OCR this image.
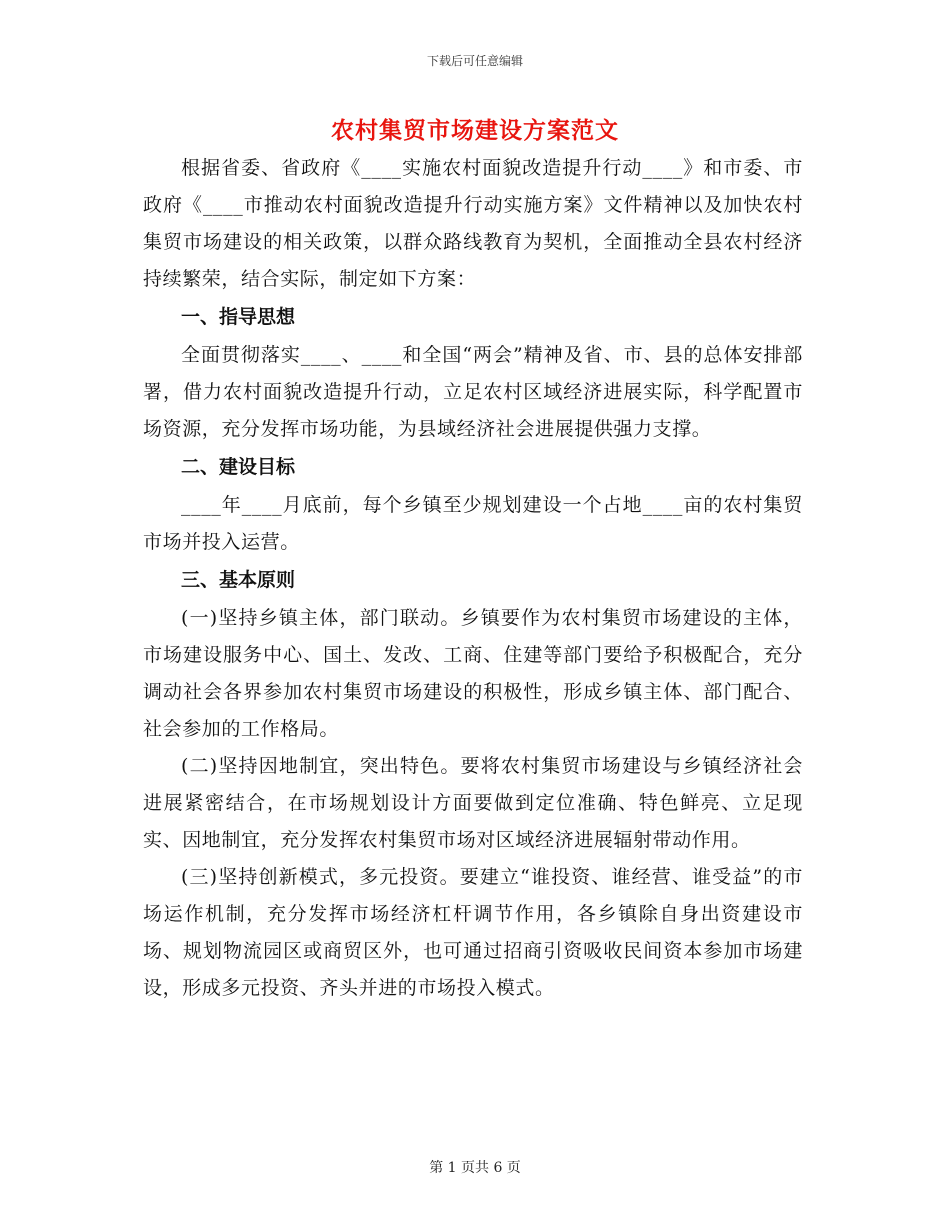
下载后可任意编辑
农村集贸市场建设方案范文

根据省委、省政府《____实施农村面貌改造提升行动____》和市委、市政府《____市推动农村面貌改造提升行动实施方案》文件精神以及加快农村集贸市场建设的相关政策，以群众路线教育为契机，全面推动全县农村经济持续繁荣，结合实际，制定如下方案：

一、指导思想

全面贯彻落实____、____和全国“两会”精神及省、市、县的总体安排部署，借力农村面貌改造提升行动，立足农村区域经济进展实际，科学配置市场资源，充分发挥市场功能，为县域经济社会进展提供强力支撑。

二、建设目标

____年____月底前，每个乡镇至少规划建设一个占地____亩的农村集贸市场并投入运营。

三、基本原则

(一)坚持乡镇主体，部门联动。乡镇要作为农村集贸市场建设的主体，市场建设服务中心、国土、发改、工商、住建等部门要给予积极配合，充分调动社会各界参加农村集贸市场建设的积极性，形成乡镇主体、部门配合、社会参加的工作格局。

(二)坚持因地制宜，突出特色。要将农村集贸市场建设与乡镇经济社会进展紧密结合，在市场规划设计方面要做到定位准确、特色鲜亮、立足现实、因地制宜，充分发挥农村集贸市场对区域经济进展辐射带动作用。

(三)坚持创新模式，多元投资。要建立“谁投资、谁经营、谁受益”的市场运作机制，充分发挥市场经济杠杆调节作用，各乡镇除自身出资建设市场、规划物流园区或商贸区外，也可通过招商引资吸收民间资本参加市场建设，形成多元投资、齐头并进的市场投入模式。

第 1 页共 6 页
